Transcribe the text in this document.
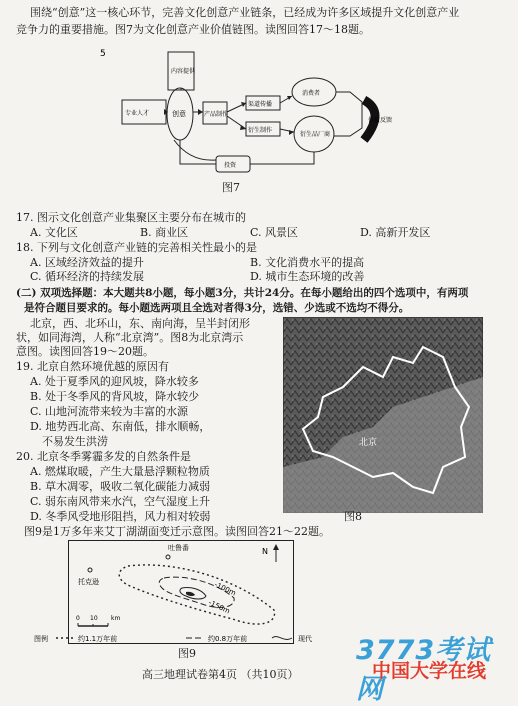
围绕“创意”这一核心环节，完善文化创意产业链条，已经成为许多区域提升文化创意产业
竞争力的重要措施。图7为文化创意产业价值链图。读图回答17～18题。
5
专业人才	创意	产品制作
渠道传播
衍生制作
消费者
衍生品厂商
价值反馈
内容提供
投资
图7
17. 图示文化创意产业集聚区主要分布在城市的
A. 文化区	B. 商业区	C. 风景区	D. 高新开发区
18. 下列与文化创意产业链的完善相关性最小的是
A. 区域经济效益的提升	B. 文化消费水平的提高
C. 循环经济的持续发展	D. 城市生态环境的改善
(二) 双项选择题：本大题共8小题，每小题3分，共计24分。在每小题给出的四个选项中，有两项
是符合题目要求的。每小题选两项且全选对者得3分，选错、少选或不选均不得分。
北京，西、北环山，东、南向海，呈半封闭形
状，如同海湾，人称“北京湾”。图8为北京湾示
意图。读图回答19～20题。
北京
图8
19. 北京自然环境优越的原因有
A. 处于夏季风的迎风坡，降水较多
B. 处于冬季风的背风坡，降水较少
C. 山地河流带来较为丰富的水源
D. 地势西北高、东南低，排水顺畅，
不易发生洪涝
20. 北京冬季雾霾多发的自然条件是
A. 燃煤取暖，产生大量悬浮颗粒物质
B. 草木凋零，吸收二氧化碳能力减弱
C. 弱东南风带来水汽，空气湿度上升
D. 冬季风受地形阻挡，风力相对较弱
图9是1万多年来艾丁湖湖面变迁示意图。读图回答21～22题。
吐鲁番
托克逊
N
-100m
-150m
0 10 km
图例	约1.1万年前	约0.8万年前	现代
图9
高三地理试卷第4页 （共10页）
3773考试网
中国大学在线
